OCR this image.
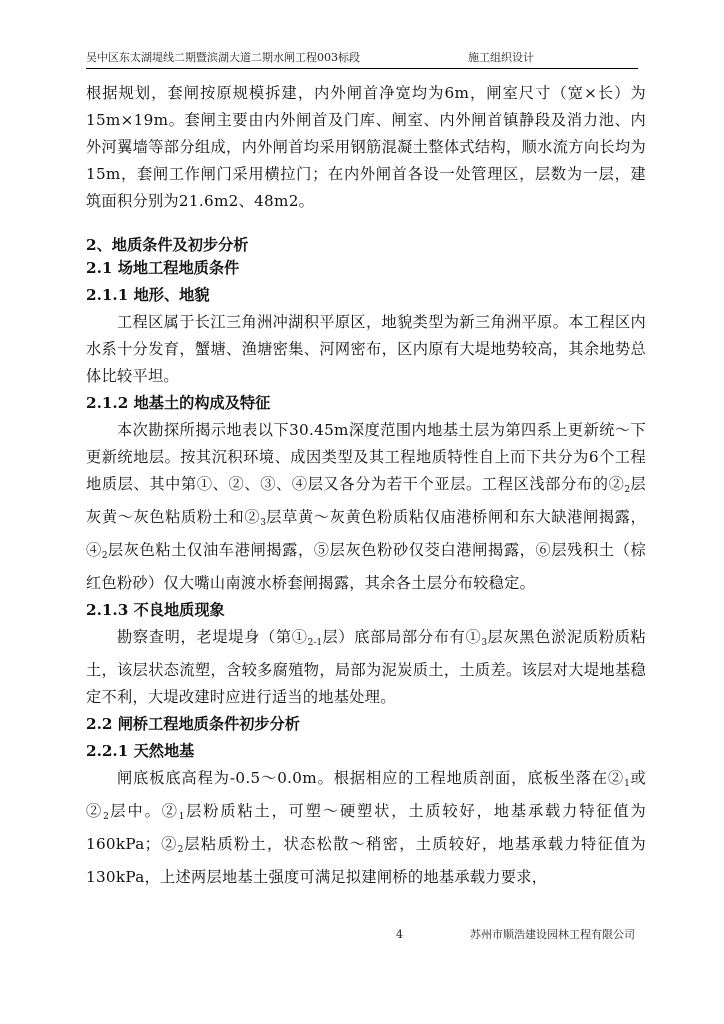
吴中区东太湖堤线二期暨滨湖大道二期水闸工程003标段	施工组织设计

根据规划，套闸按原规模拆建，内外闸首净宽均为6m，闸室尺寸（宽×长）为15m×19m。套闸主要由内外闸首及门库、闸室、内外闸首镇静段及消力池、内外河翼墙等部分组成，内外闸首均采用钢筋混凝土整体式结构，顺水流方向长均为15m，套闸工作闸门采用横拉门；在内外闸首各设一处管理区，层数为一层，建筑面积分别为21.6m2、48m2。

2、地质条件及初步分析
2.1 场地工程地质条件
2.1.1 地形、地貌

工程区属于长江三角洲冲湖积平原区，地貌类型为新三角洲平原。本工程区内水系十分发育，蟹塘、渔塘密集、河网密布，区内原有大堤地势较高，其余地势总体比较平坦。

2.1.2 地基土的构成及特征

本次勘探所揭示地表以下30.45m深度范围内地基土层为第四系上更新统～下更新统地层。按其沉积环境、成因类型及其工程地质特性自上而下共分为6个工程地质层、其中第①、②、③、④层又各分为若干个亚层。工程区浅部分布的②2层灰黄～灰色粘质粉土和②3层草黄～灰黄色粉质粘仅庙港桥闸和东大缺港闸揭露，④2层灰色粘土仅油车港闸揭露，⑤层灰色粉砂仅茭白港闸揭露，⑥层残积土（棕红色粉砂）仅大嘴山南渡水桥套闸揭露，其余各土层分布较稳定。

2.1.3 不良地质现象

勘察查明，老堤堤身（第①2-1层）底部局部分布有①3层灰黑色淤泥质粉质粘土，该层状态流塑，含较多腐殖物，局部为泥炭质土，土质差。该层对大堤地基稳定不利，大堤改建时应进行适当的地基处理。

2.2 闸桥工程地质条件初步分析
2.2.1 天然地基

闸底板底高程为-0.5～0.0m。根据相应的工程地质剖面，底板坐落在②1或②2层中。②1层粉质粘土，可塑～硬塑状，土质较好，地基承载力特征值为160kPa；②2层粘质粉土，状态松散～稍密，土质较好，地基承载力特征值为130kPa，上述两层地基土强度可满足拟建闸桥的地基承载力要求，

4	苏州市顺浩建设园林工程有限公司
